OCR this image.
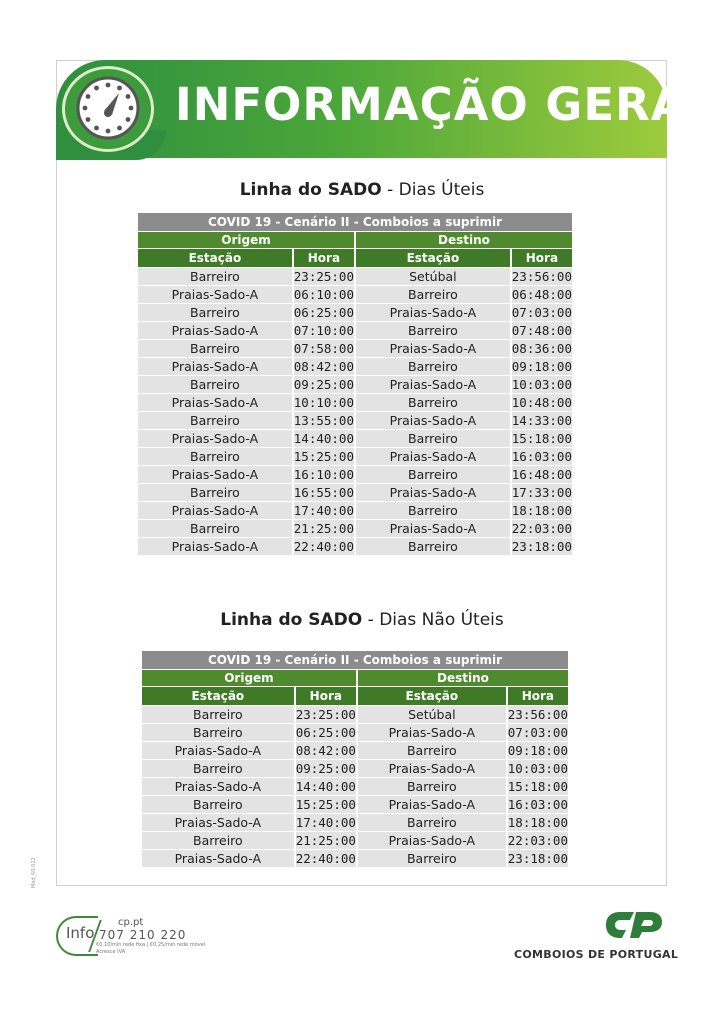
INFORMAÇÃO GERAL
Linha do SADO - Dias Úteis
COVID 19 - Cenário II - Comboios a suprimir			
Origem		Destino	
Estação	Hora	Estação	Hora
Barreiro	23:25:00	Setúbal	23:56:00
Praias-Sado-A	06:10:00	Barreiro	06:48:00
Barreiro	06:25:00	Praias-Sado-A	07:03:00
Praias-Sado-A	07:10:00	Barreiro	07:48:00
Barreiro	07:58:00	Praias-Sado-A	08:36:00
Praias-Sado-A	08:42:00	Barreiro	09:18:00
Barreiro	09:25:00	Praias-Sado-A	10:03:00
Praias-Sado-A	10:10:00	Barreiro	10:48:00
Barreiro	13:55:00	Praias-Sado-A	14:33:00
Praias-Sado-A	14:40:00	Barreiro	15:18:00
Barreiro	15:25:00	Praias-Sado-A	16:03:00
Praias-Sado-A	16:10:00	Barreiro	16:48:00
Barreiro	16:55:00	Praias-Sado-A	17:33:00
Praias-Sado-A	17:40:00	Barreiro	18:18:00
Barreiro	21:25:00	Praias-Sado-A	22:03:00
Praias-Sado-A	22:40:00	Barreiro	23:18:00
Linha do SADO - Dias Não Úteis
COVID 19 - Cenário II - Comboios a suprimir			
Origem		Destino	
Estação	Hora	Estação	Hora
Barreiro	23:25:00	Setúbal	23:56:00
Barreiro	06:25:00	Praias-Sado-A	07:03:00
Praias-Sado-A	08:42:00	Barreiro	09:18:00
Barreiro	09:25:00	Praias-Sado-A	10:03:00
Praias-Sado-A	14:40:00	Barreiro	15:18:00
Barreiro	15:25:00	Praias-Sado-A	16:03:00
Praias-Sado-A	17:40:00	Barreiro	18:18:00
Barreiro	21:25:00	Praias-Sado-A	22:03:00
Praias-Sado-A	22:40:00	Barreiro	23:18:00
Mod_60-022
Info
cp.pt
707 210 220
€0.10/min rede fixa | €0.25/min rede móvel
Acresce IVA	COMBOIOS DE PORTUGAL
